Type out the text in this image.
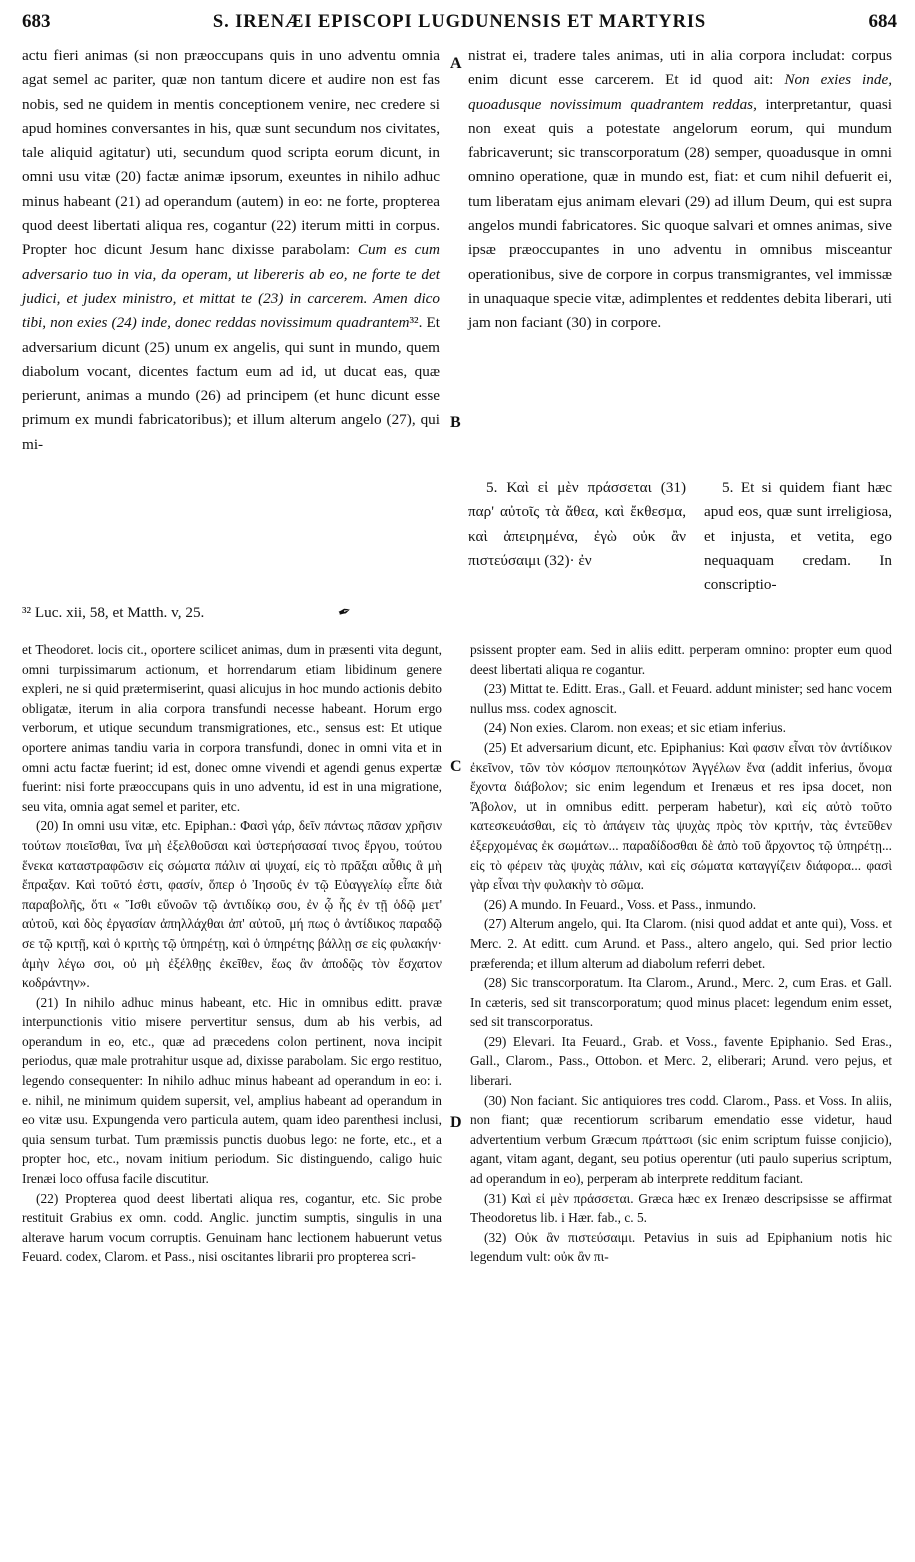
683	S. IRENÆI EPISCOPI LUGDUNENSIS ET MARTYRIS	684
A
B
C
D

actu fieri animas (si non præoccupans quis in uno adventu omnia agat semel ac pariter, quæ non tantum dicere et audire non est fas nobis, sed ne quidem in mentis conceptionem venire, nec credere si apud homines conversantes in his, quæ sunt secundum nos civitates, tale aliquid agitatur) uti, secundum quod scripta eorum dicunt, in omni usu vitæ (20) factæ animæ ipsorum, exeuntes in nihilo adhuc minus habeant (21) ad operandum (autem) in eo: ne forte, propterea quod deest libertati aliqua res, cogantur (22) iterum mitti in corpus. Propter hoc dicunt Jesum hanc dixisse parabolam: Cum es cum adversario tuo in via, da operam, ut libereris ab eo, ne forte te det judici, et judex ministro, et mittat te (23) in carcerem. Amen dico tibi, non exies (24) inde, donec reddas novissimum quadrantem³². Et adversarium dicunt (25) unum ex angelis, qui sunt in mundo, quem diabolum vocant, dicentes factum eum ad id, ut ducat eas, quæ perierunt, animas a mundo (26) ad principem (et hunc dicunt esse primum ex mundi fabricatoribus); et illum alterum angelo (27), qui mi-

nistrat ei, tradere tales animas, uti in alia corpora includat: corpus enim dicunt esse carcerem. Et id quod ait: Non exies inde, quoadusque novissimum quadrantem reddas, interpretantur, quasi non exeat quis a potestate angelorum eorum, qui mundum fabricaverunt; sic transcorporatum (28) semper, quoadusque in omni omnino operatione, quæ in mundo est, fiat: et cum nihil defuerit ei, tum liberatam ejus animam elevari (29) ad illum Deum, qui est supra angelos mundi fabricatores. Sic quoque salvari et omnes animas, sive ipsæ præoccupantes in uno adventu in omnibus misceantur operationibus, sive de corpore in corpus transmigrantes, vel immissæ in unaquaque specie vitæ, adimplentes et reddentes debita liberari, uti jam non faciant (30) in corpore.

5. Καὶ εἰ μὲν πράσσεται (31) παρ' αὐτοῖς τὰ ἄθεα, καὶ ἔκθεσμα, καὶ ἀπειρημένα, ἐγὼ οὐκ ἂν πιστεύσαιμι (32)· ἐν
5. Et si quidem fiant hæc apud eos, quæ sunt irreligiosa, et injusta, et vetita, ego nequaquam credam. In conscriptio-
³² Luc. xii, 58, et Matth. v, 25.	✒

et Theodoret. locis cit., oportere scilicet animas, dum in præsenti vita degunt, omni turpissimarum actionum, et horrendarum etiam libidinum genere expleri, ne si quid prætermiserint, quasi alicujus in hoc mundo actionis debito obligatæ, iterum in alia corpora transfundi necesse habeant. Horum ergo verborum, et utique secundum transmigrationes, etc., sensus est: Et utique oportere animas tandiu varia in corpora transfundi, donec in omni vita et in omni actu factæ fuerint; id est, donec omne vivendi et agendi genus expertæ fuerint: nisi forte præoccupans quis in uno adventu, id est in una migratione, seu vita, omnia agat semel et pariter, etc.

(20) In omni usu vitæ, etc. Epiphan.: Φασὶ γάρ, δεῖν πάντως πᾶσαν χρῆσιν τούτων ποιεῖσθαι, ἵνα μὴ ἐξελθοῦσαι καὶ ὑστερήσασαί τινος ἔργου, τούτου ἕνεκα καταστραφῶσιν εἰς σώματα πάλιν αἱ ψυχαί, εἰς τὸ πρᾶξαι αὖθις ἃ μὴ ἔπραξαν. Καὶ τοῦτό ἐστι, φασίν, ὅπερ ὁ Ἰησοῦς ἐν τῷ Εὐαγγελίῳ εἶπε διὰ παραβολῆς, ὅτι « Ἴσθι εὔνοῶν τῷ ἀντιδίκῳ σου, ἐν ᾧ ἧς ἐν τῇ ὁδῷ μετ' αὐτοῦ, καὶ δὸς ἐργασίαν ἀπηλλάχθαι ἀπ' αὐτοῦ, μή πως ὁ ἀντίδικος παραδῷ σε τῷ κριτῇ, καὶ ὁ κριτὴς τῷ ὑπηρέτῃ, καὶ ὁ ὑπηρέτης βάλλῃ σε εἰς φυλακήν· ἀμὴν λέγω σοι, οὐ μὴ ἐξέλθῃς ἐκεῖθεν, ἕως ἂν ἀποδῷς τὸν ἔσχατον κοδράντην».

(21) In nihilo adhuc minus habeant, etc. Hic in omnibus editt. pravæ interpunctionis vitio misere pervertitur sensus, dum ab his verbis, ad operandum in eo, etc., quæ ad præcedens colon pertinent, nova incipit periodus, quæ male protrahitur usque ad, dixisse parabolam. Sic ergo restituo, legendo consequenter: In nihilo adhuc minus habeant ad operandum in eo: i. e. nihil, ne minimum quidem supersit, vel, amplius habeant ad operandum in eo vitæ usu. Expungenda vero particula autem, quam ideo parenthesi inclusi, quia sensum turbat. Tum præmissis punctis duobus lego: ne forte, etc., et a propter hoc, etc., novam initium periodum. Sic distinguendo, caligo huic Irenæi loco offusa facile discutitur.

(22) Propterea quod deest libertati aliqua res, cogantur, etc. Sic probe restituit Grabius ex omn. codd. Anglic. junctim sumptis, singulis in una alterave harum vocum corruptis. Genuinam hanc lectionem habuerunt vetus Feuard. codex, Clarom. et Pass., nisi oscitantes librarii pro propterea scri-

psissent propter eam. Sed in aliis editt. perperam omnino: propter eum quod deest libertati aliqua re cogantur.

(23) Mittat te. Editt. Eras., Gall. et Feuard. addunt minister; sed hanc vocem nullus mss. codex agnoscit.

(24) Non exies. Clarom. non exeas; et sic etiam inferius.

(25) Et adversarium dicunt, etc. Epiphanius: Καὶ φασιν εἶναι τὸν ἀντίδικον ἐκεῖνον, τῶν τὸν κόσμον πεποιηκότων Ἀγγέλων ἕνα (addit inferius, ὄνομα ἔχοντα διάβολον; sic enim legendum et Irenæus et res ipsa docet, non Ἄβολον, ut in omnibus editt. perperam habetur), καὶ εἰς αὐτὸ τοῦτο κατεσκευάσθαι, εἰς τὸ ἀπάγειν τὰς ψυχὰς πρὸς τὸν κριτήν, τὰς ἐντεῦθεν ἐξερχομένας ἐκ σωμάτων... παραδίδοσθαι δὲ ἀπὸ τοῦ ἄρχοντος τῷ ὑπηρέτῃ... εἰς τὸ φέρειν τὰς ψυχὰς πάλιν, καὶ εἰς σώματα καταγγίζειν διάφορα... φασὶ γὰρ εἶναι τὴν φυλακὴν τὸ σῶμα.

(26) A mundo. In Feuard., Voss. et Pass., inmundo.

(27) Alterum angelo, qui. Ita Clarom. (nisi quod addat et ante qui), Voss. et Merc. 2. At editt. cum Arund. et Pass., altero angelo, qui. Sed prior lectio præferenda; et illum alterum ad diabolum referri debet.

(28) Sic transcorporatum. Ita Clarom., Arund., Merc. 2, cum Eras. et Gall. In cæteris, sed sit transcorporatum; quod minus placet: legendum enim esset, sed sit transcorporatus.

(29) Elevari. Ita Feuard., Grab. et Voss., favente Epiphanio. Sed Eras., Gall., Clarom., Pass., Ottobon. et Merc. 2, eliberari; Arund. vero pejus, et liberari.

(30) Non faciant. Sic antiquiores tres codd. Clarom., Pass. et Voss. In aliis, non fiant; quæ recentiorum scribarum emendatio esse videtur, haud advertentium verbum Græcum πράττωσι (sic enim scriptum fuisse conjicio), agant, vitam agant, degant, seu potius operentur (uti paulo superius scriptum, ad operandum in eo), perperam ab interprete redditum faciant.

(31) Καὶ εἰ μὲν πράσσεται. Græca hæc ex Irenæo descripsisse se affirmat Theodoretus lib. i Hær. fab., c. 5.

(32) Οὐκ ἂν πιστεύσαιμι. Petavius in suis ad Epiphanium notis hic legendum vult: οὐκ ἂν πι-
